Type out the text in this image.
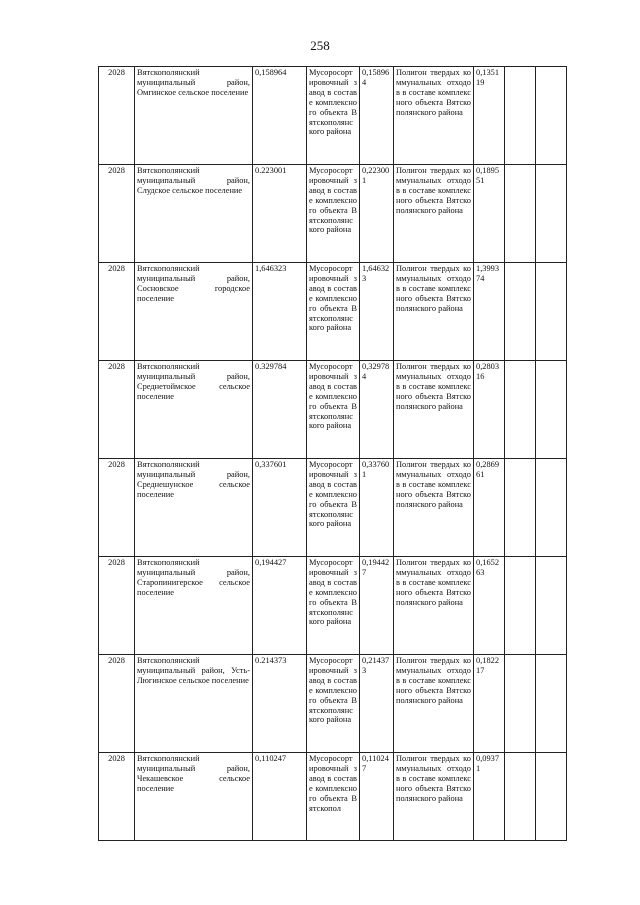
258
2028	Вятскополянский муниципальный район, Омгинское сельское поселение	0,158964	Мусоросортировочный завод в составе комплексного объекта Вятскополянского района	0,158964	Полигон твердых коммунальных отходов в составе комплексного объекта Вятскополянского района	0,135119		
2028	Вятскополянский муниципальный район, Слудское сельское поселение	0.223001	Мусоросортировочный завод в составе комплексного объекта Вятскополянского района	0,223001	Полигон твердых коммунальных отходов в составе комплексного объекта Вятскополянского района	0,189551		
2028	Вятскополянский муниципальный район, Сосновское городское поселение	1,646323	Мусоросортировочный завод в составе комплексного объекта Вятскополянского района	1,646323	Полигон твердых коммунальных отходов в составе комплексного объекта Вятскополянского района	1,399374		
2028	Вятскополянский муниципальный район, Среднетоймское сельское поселение	0.329784	Мусоросортировочный завод в составе комплексного объекта Вятскополянского района	0,329784	Полигон твердых коммунальных отходов в составе комплексного объекта Вятскополянского района	0,280316		
2028	Вятскополянский муниципальный район, Среднешунское сельское поселение	0,337601	Мусоросортировочный завод в составе комплексного объекта Вятскополянского района	0,337601	Полигон твердых коммунальных отходов в составе комплексного объекта Вятскополянского района	0,286961		
2028	Вятскополянский муниципальный район, Старопинигерское сельское поселение	0,194427	Мусоросортировочный завод в составе комплексного объекта Вятскополянского района	0,194427	Полигон твердых коммунальных отходов в составе комплексного объекта Вятскополянского района	0,165263		
2028	Вятскополянский муниципальный район, Усть-Люгинское сельское поселение	0.214373	Мусоросортировочный завод в составе комплексного объекта Вятскополянского района	0,214373	Полигон твердых коммунальных отходов в составе комплексного объекта Вятскополянского района	0,182217		
2028	Вятскополянский муниципальный район, Чекашевское сельское поселение	0,110247	Мусоросортировочный завод в составе комплексного объекта Вятскопол	0,110247	Полигон твердых коммунальных отходов в составе комплексного объекта Вятскополянского района	0,09371		
